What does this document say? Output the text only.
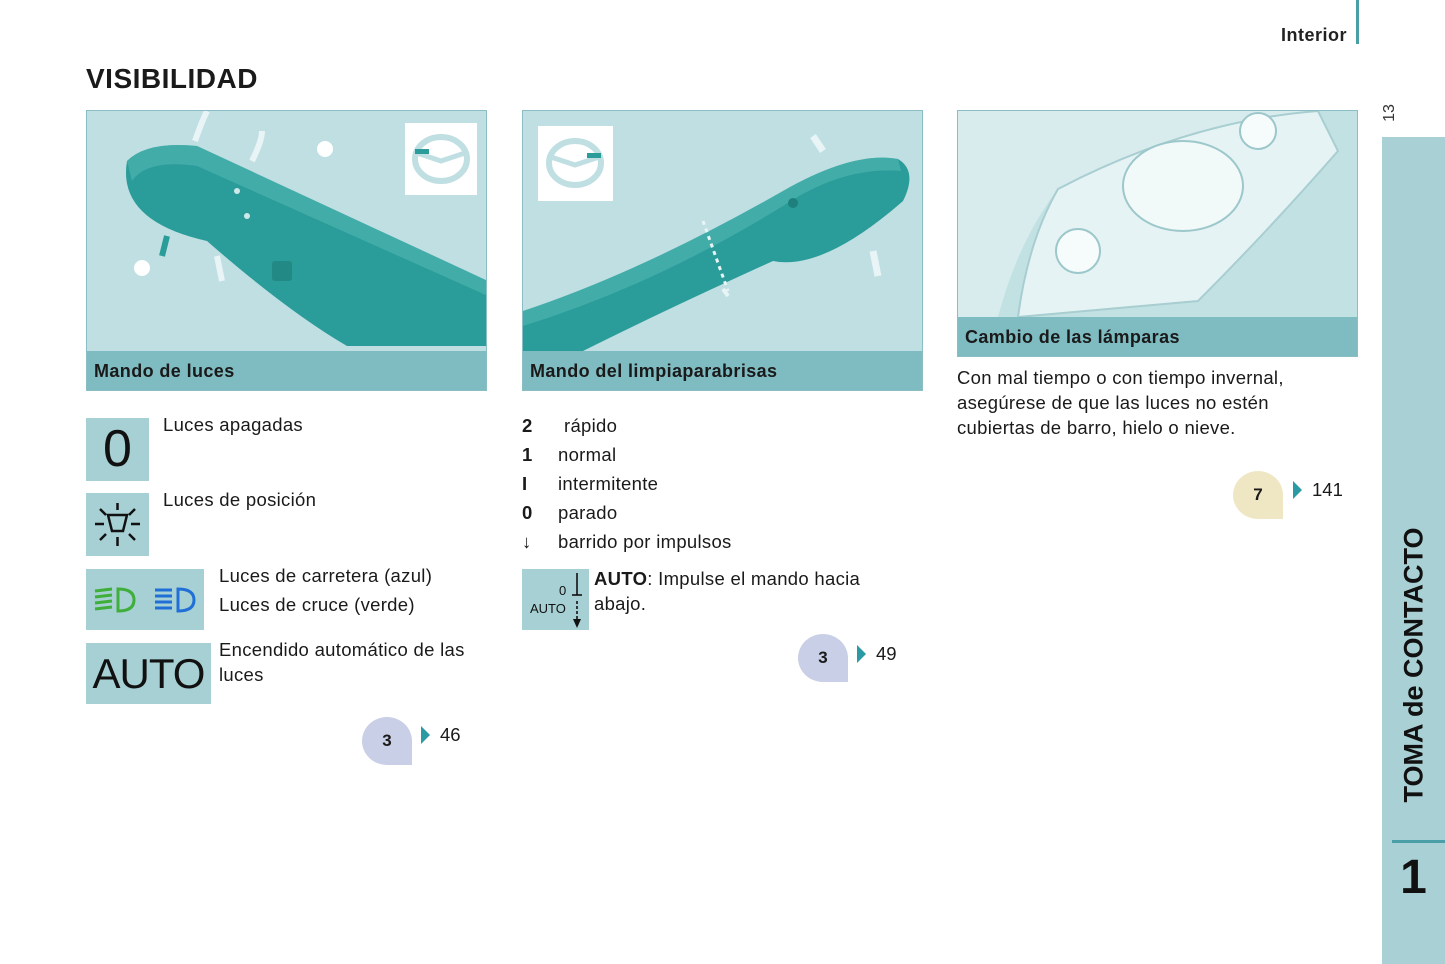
Interior
13
VISIBILIDAD
TOMA de CONTACTO
1
Mando de luces	Mando del limpiaparabrisas
Cambio de las lámparas
0	Luces apagadas
Luces de posición
Luces de carretera (azul)
Luces de cruce (verde)
AUTO
Encendido automático de las luces
3	46
2 rápido
1 normal
I intermitente
0 parado
↓ barrido por impulsos
0
AUTO
AUTO: Impulse el mando hacia abajo.
3	49
Con mal tiempo o con tiempo invernal, asegúrese de que las luces no estén cubiertas de barro, hielo o nieve.
7	141
